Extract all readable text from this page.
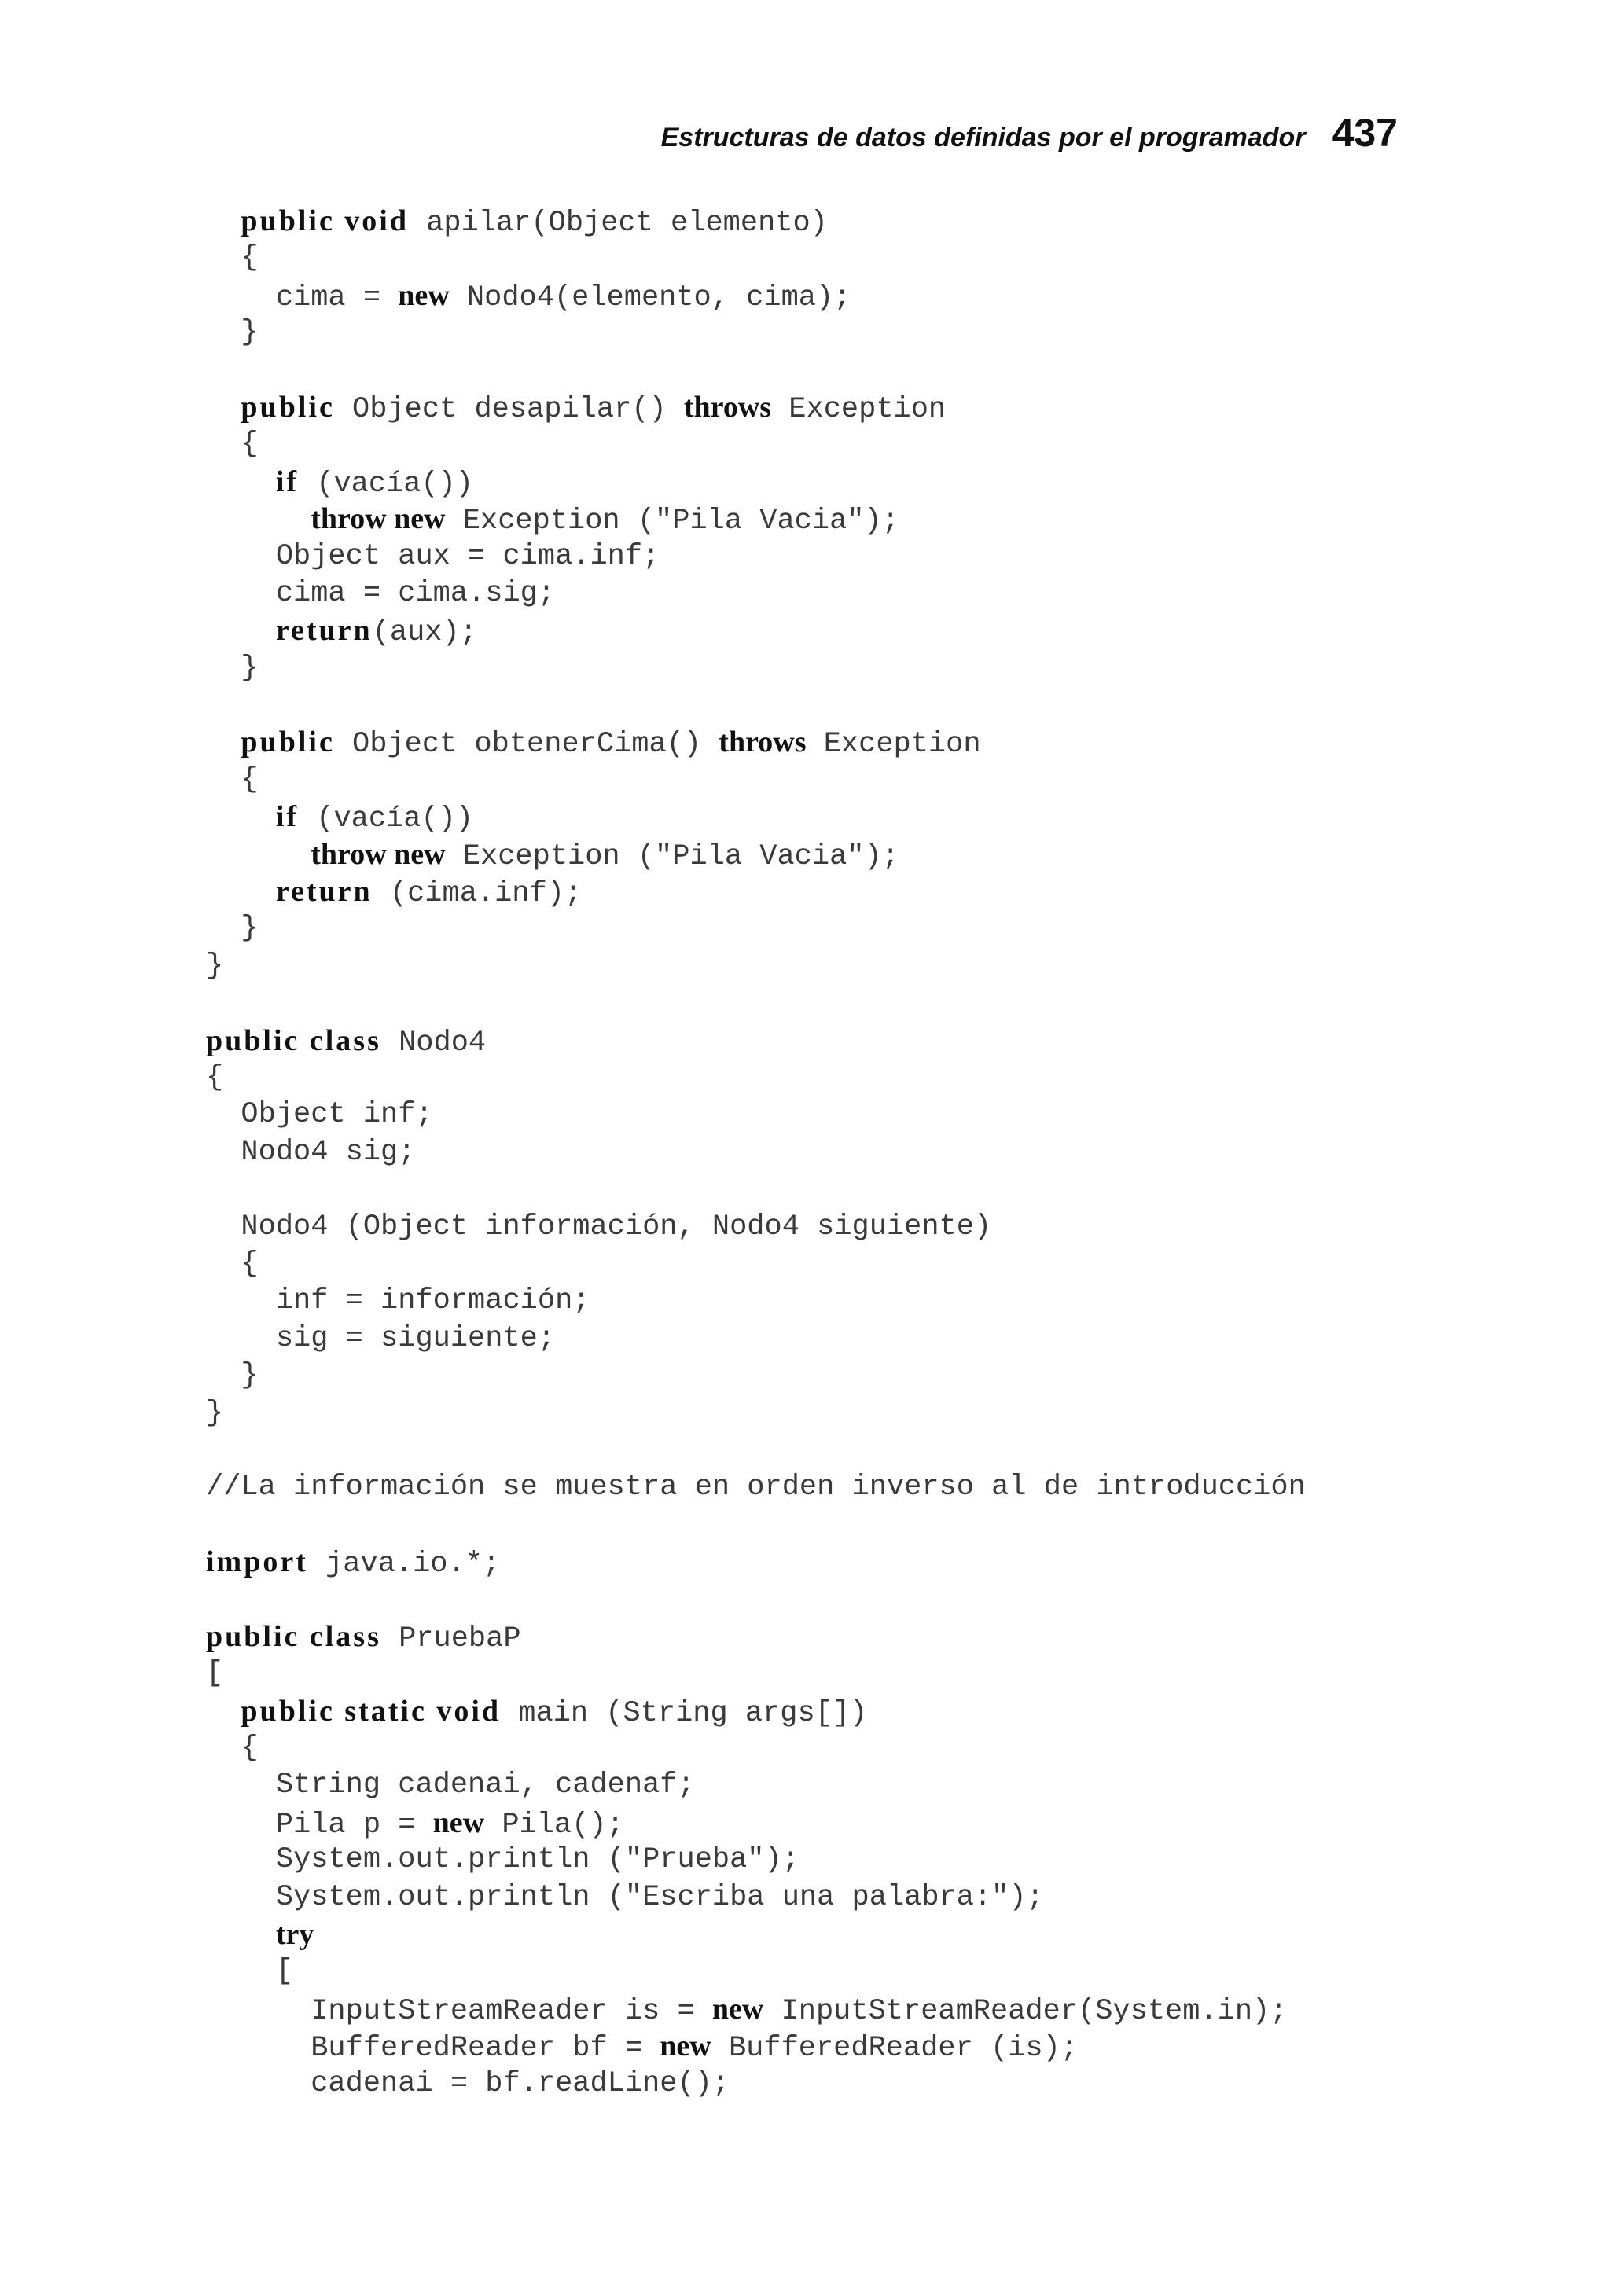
Estructuras de datos definidas por el programador 437
public void apilar(Object elemento)
{
cima = new Nodo4(elemento, cima);
}
public Object desapilar() throws Exception
{
if (vacía())
throw new Exception ("Pila Vacia");
Object aux = cima.inf;
cima = cima.sig;
return(aux);
}
public Object obtenerCima() throws Exception
{
if (vacía())
throw new Exception ("Pila Vacia");
return (cima.inf);
}
}
public class Nodo4
{
Object inf;
Nodo4 sig;
Nodo4 (Object información, Nodo4 siguiente)
{
inf = información;
sig = siguiente;
}
}
//La información se muestra en orden inverso al de introducción
import java.io.*;
public class PruebaP
[
public static void main (String args[])
{
String cadenai, cadenaf;
Pila p = new Pila();
System.out.println ("Prueba");
System.out.println ("Escriba una palabra:");
try
[
InputStreamReader is = new InputStreamReader(System.in);
BufferedReader bf = new BufferedReader (is);
cadenai = bf.readLine();
